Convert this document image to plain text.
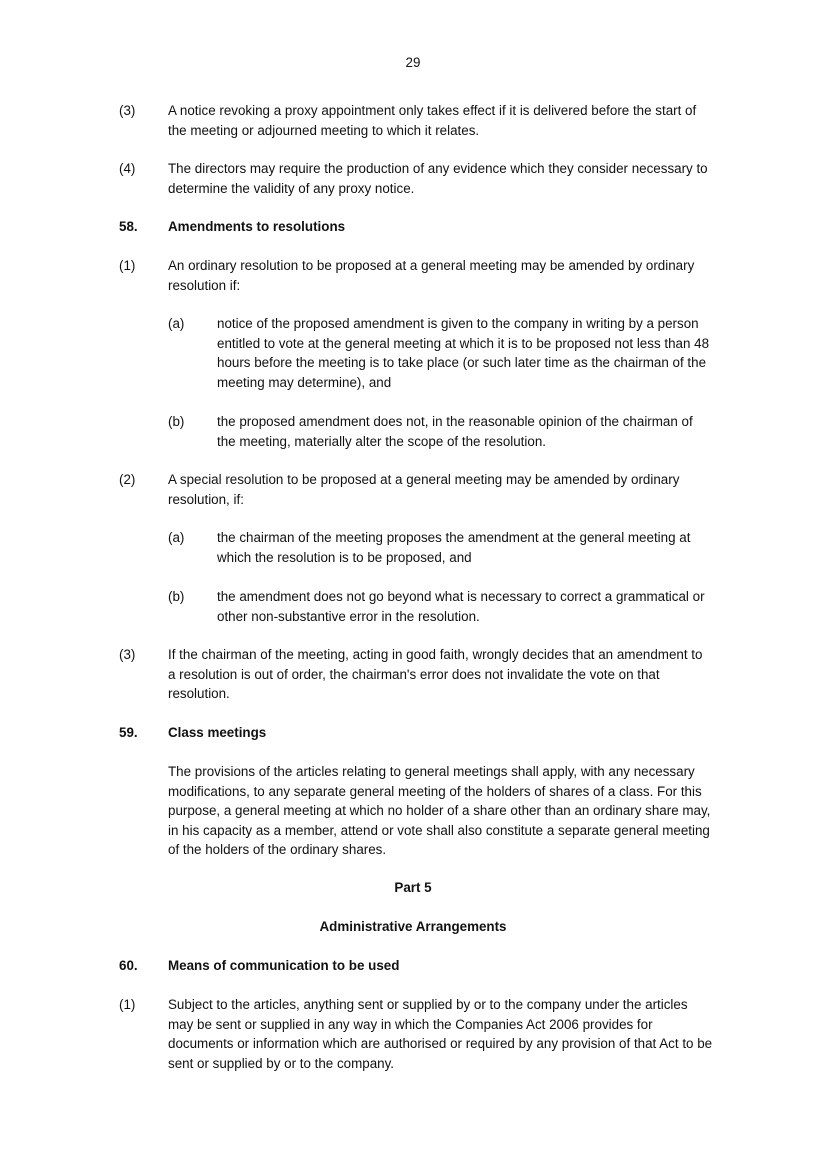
29
(3)	A notice revoking a proxy appointment only takes effect if it is delivered before the start of the meeting or adjourned meeting to which it relates.
(4)	The directors may require the production of any evidence which they consider necessary to determine the validity of any proxy notice.
58.	Amendments to resolutions
(1)	An ordinary resolution to be proposed at a general meeting may be amended by ordinary resolution if:
(a)	notice of the proposed amendment is given to the company in writing by a person entitled to vote at the general meeting at which it is to be proposed not less than 48 hours before the meeting is to take place (or such later time as the chairman of the meeting may determine), and
(b)	the proposed amendment does not, in the reasonable opinion of the chairman of the meeting, materially alter the scope of the resolution.
(2)	A special resolution to be proposed at a general meeting may be amended by ordinary resolution, if:
(a)	the chairman of the meeting proposes the amendment at the general meeting at which the resolution is to be proposed, and
(b)	the amendment does not go beyond what is necessary to correct a grammatical or other non-substantive error in the resolution.
(3)	If the chairman of the meeting, acting in good faith, wrongly decides that an amendment to a resolution is out of order, the chairman's error does not invalidate the vote on that resolution.
59.	Class meetings
The provisions of the articles relating to general meetings shall apply, with any necessary modifications, to any separate general meeting of the holders of shares of a class. For this purpose, a general meeting at which no holder of a share other than an ordinary share may, in his capacity as a member, attend or vote shall also constitute a separate general meeting of the holders of the ordinary shares.
Part 5
Administrative Arrangements
60.	Means of communication to be used
(1)	Subject to the articles, anything sent or supplied by or to the company under the articles may be sent or supplied in any way in which the Companies Act 2006 provides for documents or information which are authorised or required by any provision of that Act to be sent or supplied by or to the company.
